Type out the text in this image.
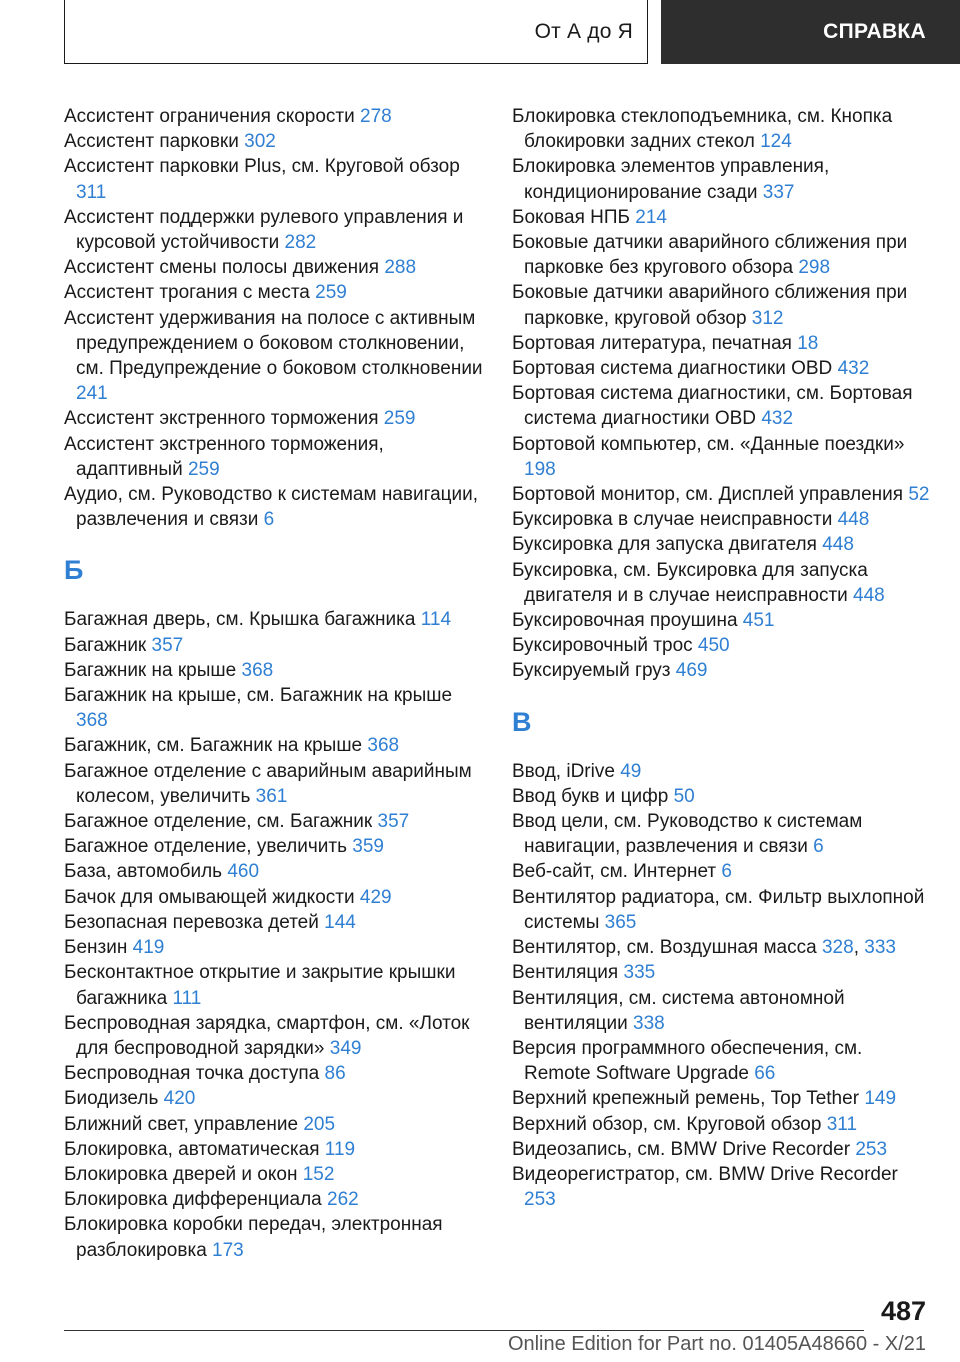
От А до Я	СПРАВКА
Ассистент ограничения скорости 278
Ассистент парковки 302
Ассистент парковки Plus, см. Круговой обзор 311
Ассистент поддержки рулевого управления и курсовой устойчивости 282
Ассистент смены полосы движения 288
Ассистент трогания с места 259
Ассистент удерживания на полосе с активным предупреждением о боковом столкновении, см. Предупреждение о боковом столкновении 241
Ассистент экстренного торможения 259
Ассистент экстренного торможения, адаптивный 259
Аудио, см. Руководство к системам навигации, развлечения и связи 6
Б
Багажная дверь, см. Крышка багажника 114
Багажник 357
Багажник на крыше 368
Багажник на крыше, см. Багажник на крыше 368
Багажник, см. Багажник на крыше 368
Багажное отделение с аварийным аварийным колесом, увеличить 361
Багажное отделение, см. Багажник 357
Багажное отделение, увеличить 359
База, автомобиль 460
Бачок для омывающей жидкости 429
Безопасная перевозка детей 144
Бензин 419
Бесконтактное открытие и закрытие крышки багажника 111
Беспроводная зарядка, смартфон, см. «Лоток для беспроводной зарядки» 349
Беспроводная точка доступа 86
Биодизель 420
Ближний свет, управление 205
Блокировка, автоматическая 119
Блокировка дверей и окон 152
Блокировка дифференциала 262
Блокировка коробки передач, электронная разблокировка 173
Блокировка стеклоподъемника, см. Кнопка блокировки задних стекол 124
Блокировка элементов управления, кондиционирование сзади 337
Боковая НПБ 214
Боковые датчики аварийного сближения при парковке без кругового обзора 298
Боковые датчики аварийного сближения при парковке, круговой обзор 312
Бортовая литература, печатная 18
Бортовая система диагностики OBD 432
Бортовая система диагностики, см. Бортовая система диагностики OBD 432
Бортовой компьютер, см. «Данные поездки» 198
Бортовой монитор, см. Дисплей управления 52
Буксировка в случае неисправности 448
Буксировка для запуска двигателя 448
Буксировка, см. Буксировка для запуска двигателя и в случае неисправности 448
Буксировочная проушина 451
Буксировочный трос 450
Буксируемый груз 469
В
Ввод, iDrive 49
Ввод букв и цифр 50
Ввод цели, см. Руководство к системам навигации, развлечения и связи 6
Веб-сайт, см. Интернет 6
Вентилятор радиатора, см. Фильтр выхлопной системы 365
Вентилятор, см. Воздушная масса 328, 333
Вентиляция 335
Вентиляция, см. система автономной вентиляции 338
Версия программного обеспечения, см. Remote Software Upgrade 66
Верхний крепежный ремень, Top Tether 149
Верхний обзор, см. Круговой обзор 311
Видеозапись, см. BMW Drive Recorder 253
Видеорегистратор, см. BMW Drive Recorder 253
487
Online Edition for Part no. 01405A48660 - X/21
